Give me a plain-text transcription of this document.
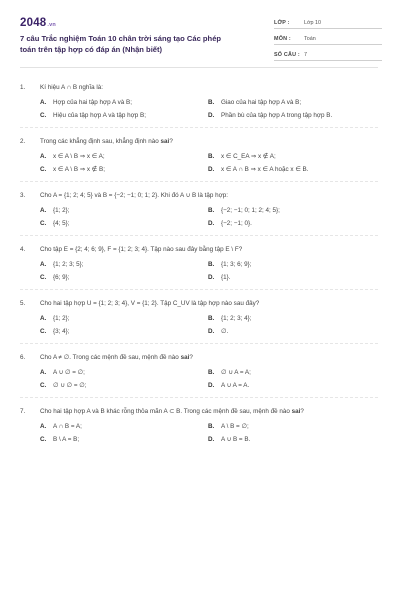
2048.vn
7 câu Trắc nghiệm Toán 10 chân trời sáng tạo Các phép toán trên tập hợp có đáp án (Nhận biết)
LỚP :	Lớp 10
MÔN :	Toán
SỐ CÂU : 7
1.	Kí hiệu A ∩ B nghĩa là:
A.	Hợp của hai tập hợp A và B;	B.	Giao của hai tập hợp A và B;
C.	Hiệu của tập hợp A và tập hợp B;	D.	Phần bù của tập hợp A trong tập hợp B.
2.	Trong các khẳng định sau, khẳng định nào sai?
A.	x ∈ A \ B ⇒ x ∈ A;	B.	x ∈ C_EA ⇒ x ∉ A;
C.	x ∈ A \ B ⇒ x ∉ B;	D.	x ∈ A ∩ B ⇒ x ∈ A hoặc x ∈ B.
3.	Cho A = {1; 2; 4; 5} và B = {−2; −1; 0; 1; 2}. Khi đó A ∪ B là tập hợp:
A.	{1; 2};	B.	{−2; −1; 0; 1; 2; 4; 5};
C.	{4; 5};	D.	{−2; −1; 0}.
4.	Cho tập E = {2; 4; 6; 9}, F = {1; 2; 3; 4}. Tập nào sau đây bằng tập E \ F?
A.	{1; 2; 3; 5};	B.	{1; 3; 6; 9};
C.	{6; 9};	D.	{1}.
5.	Cho hai tập hợp U = {1; 2; 3; 4}, V = {1; 2}. Tập C_UV là tập hợp nào sau đây?
A.	{1; 2};	B.	{1; 2; 3; 4};
C.	{3; 4};	D.	∅.
6.	Cho A ≠ ∅. Trong các mệnh đề sau, mệnh đề nào sai?
A.	A ∪ ∅ = ∅;	B.	∅ ∪ A = A;
C.	∅ ∪ ∅ = ∅;	D.	A ∪ A = A.
7.	Cho hai tập hợp A và B khác rỗng thỏa mãn A ⊂ B. Trong các mệnh đề sau, mệnh đề nào sai?
A.	A ∩ B = A;	B.	A \ B = ∅;
C.	B \ A = B;	D.	A ∪ B = B.
